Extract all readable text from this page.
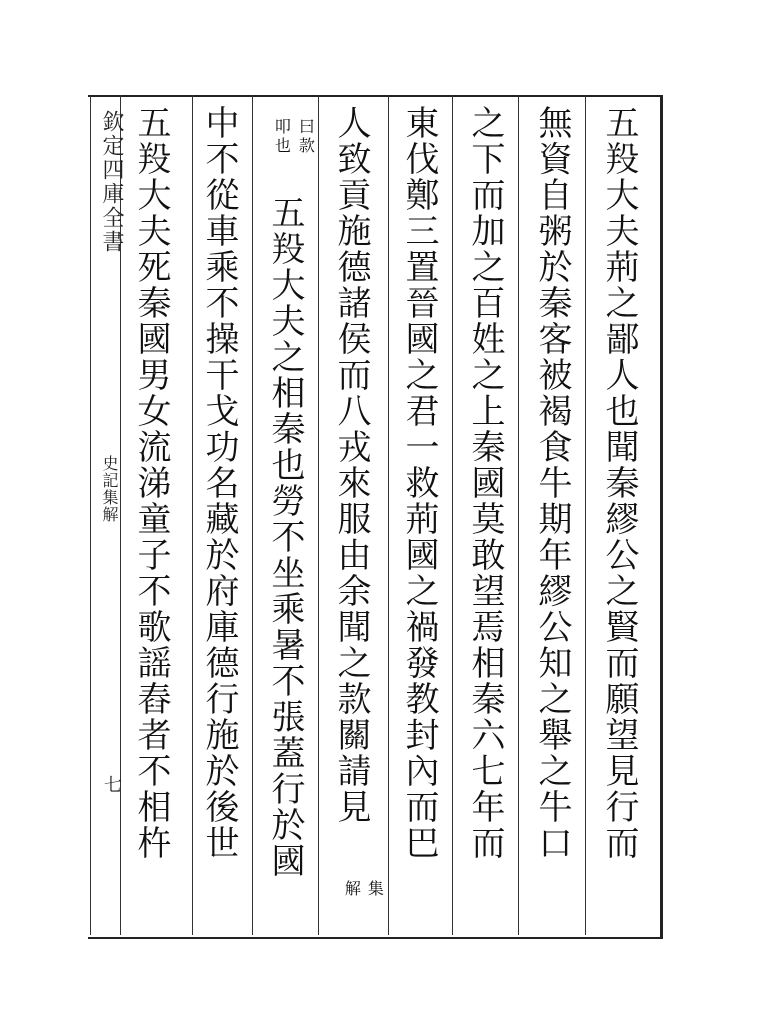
欽定四庫全書
史記集解
七	五羖大夫荊之鄙人也聞秦繆公之賢而願望見行而
無資自粥於秦客被褐食牛期年繆公知之舉之牛口
之下而加之百姓之上秦國莫敢望焉相秦六七年而
東伐鄭三置晉國之君一救荊國之禍發教封內而巴
人致貢施德諸侯而八戎來服由余聞之款關請見
五羖大夫之相秦也勞不坐乘暑不張蓋行於國
中不從車乘不操干戈功名藏於府庫德行施於後世
五羖大夫死秦國男女流涕童子不歌謡舂者不相杵
集
解
曰款
叩也
